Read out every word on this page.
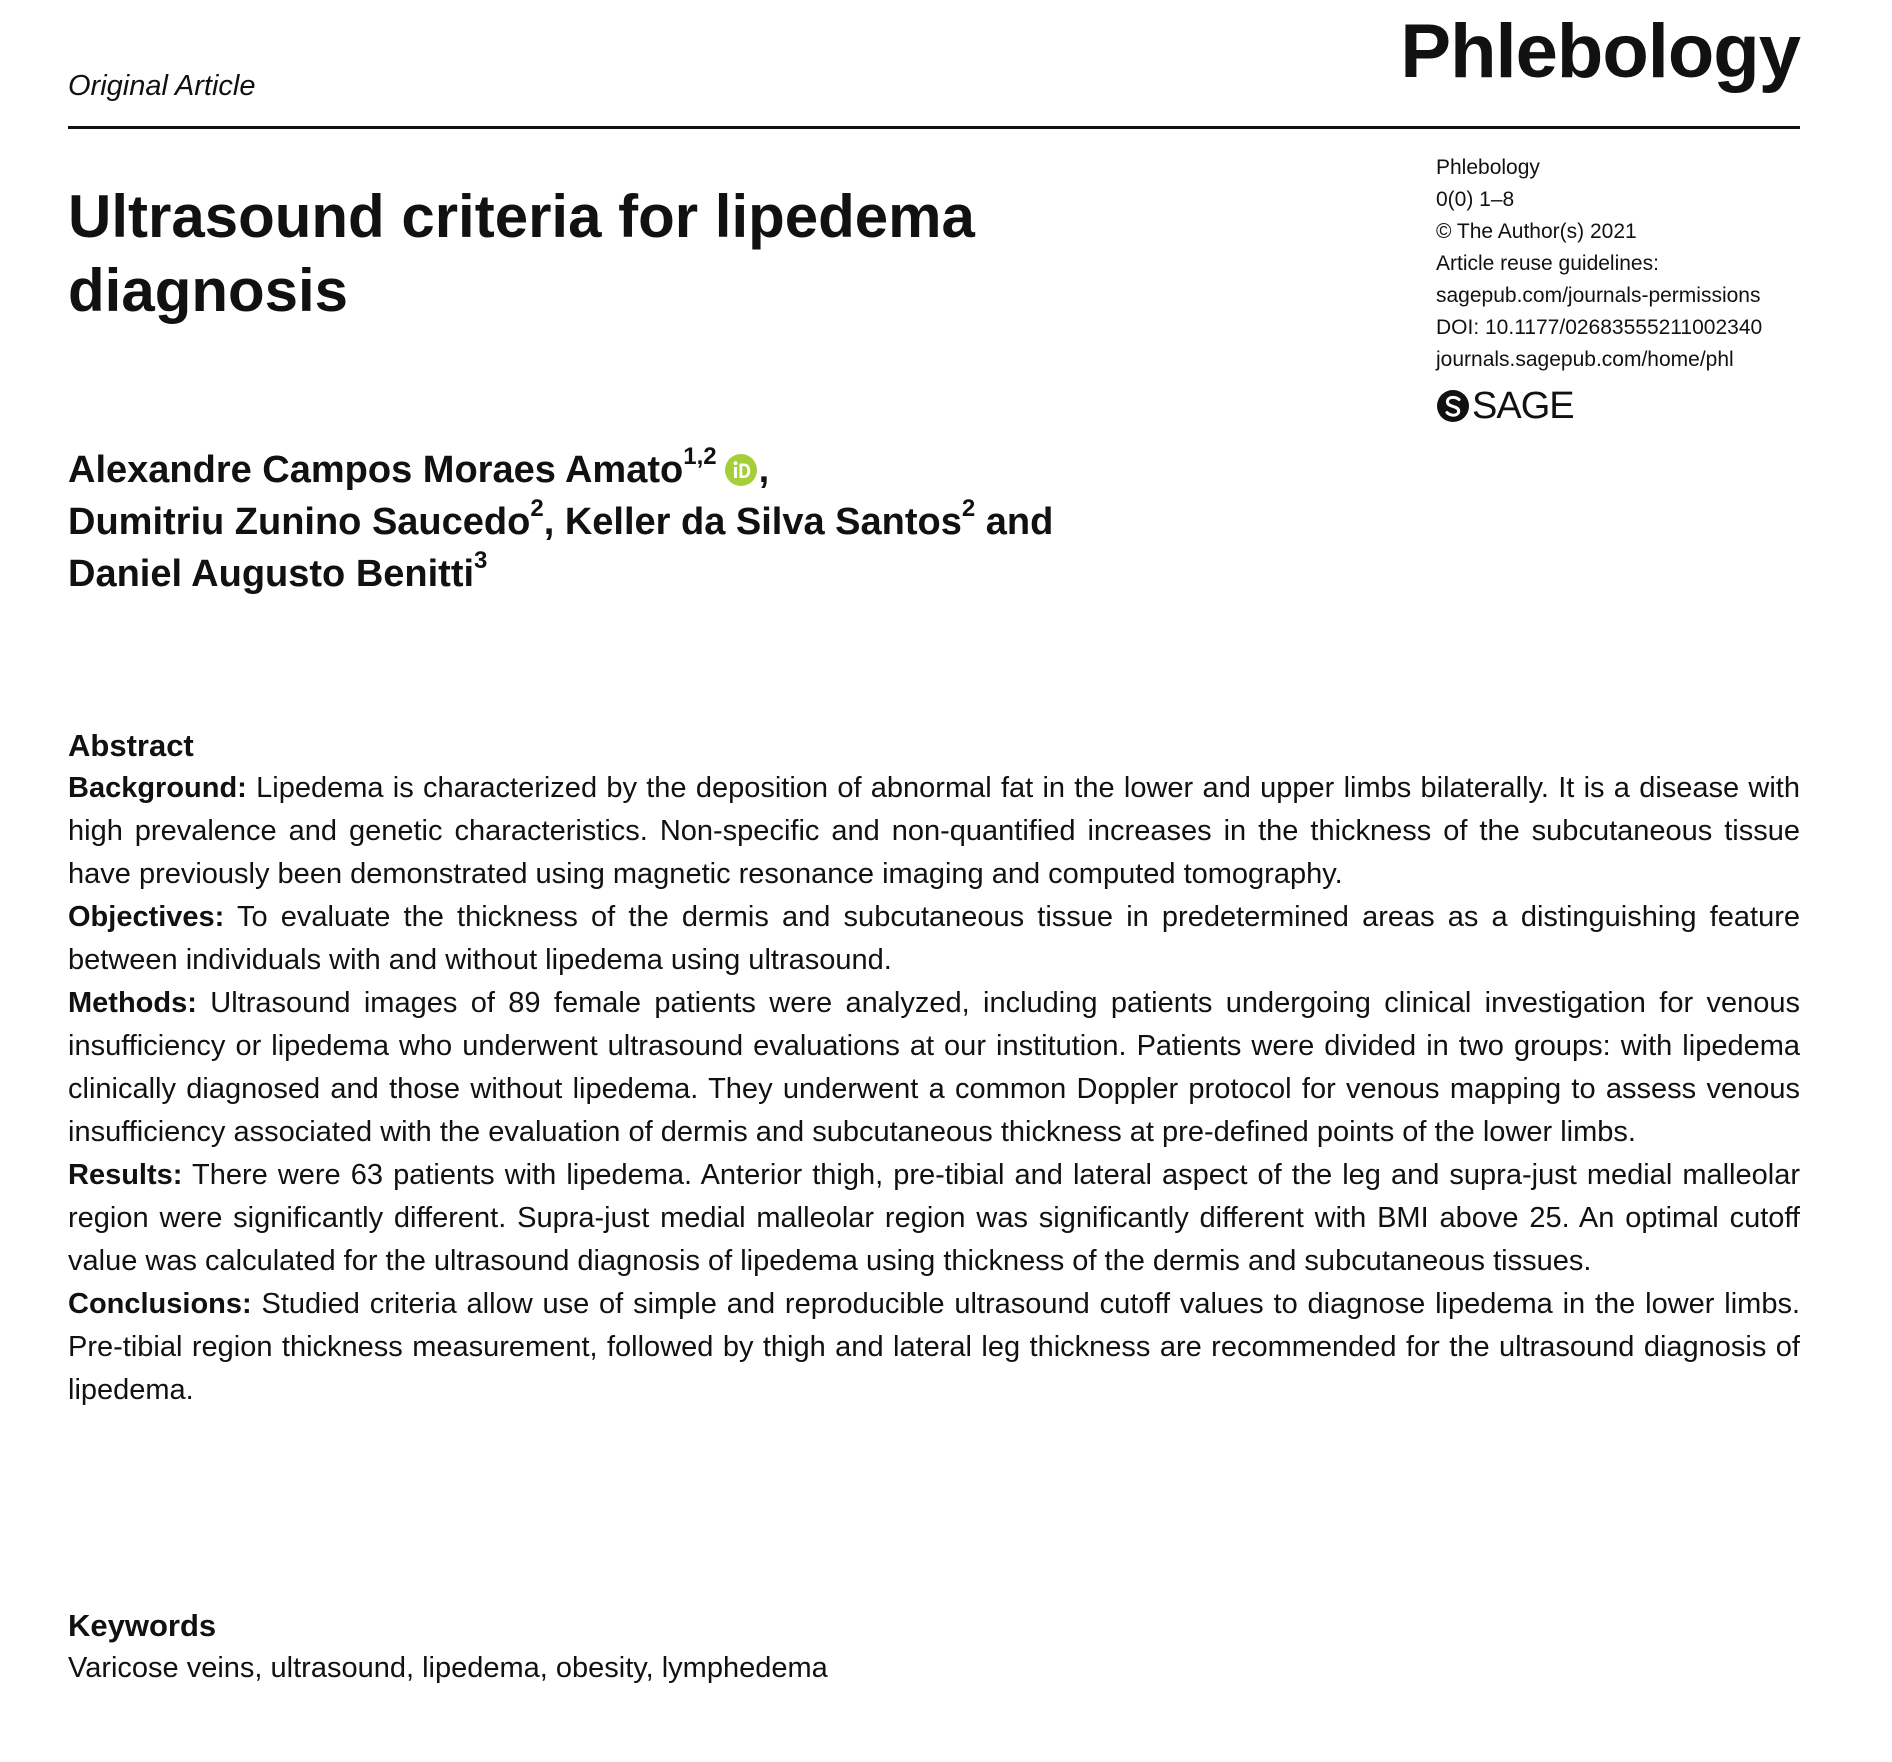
Original Article	Phlebology
Ultrasound criteria for lipedema diagnosis
Phlebology
0(0) 1–8
© The Author(s) 2021
Article reuse guidelines:
sagepub.com/journals-permissions
DOI: 10.1177/02683555211002340
journals.sagepub.com/home/phl
SAGE
Alexandre Campos Moraes Amato$^{1,2}$ ,
Dumitriu Zunino Saucedo$^2$, Keller da Silva Santos$^2$ and
Daniel Augusto Benitti$^3$
Abstract

Background: Lipedema is characterized by the deposition of abnormal fat in the lower and upper limbs bilaterally. It is a disease with high prevalence and genetic characteristics. Non-specific and non-quantified increases in the thickness of the subcutaneous tissue have previously been demonstrated using magnetic resonance imaging and computed tomography.

Objectives: To evaluate the thickness of the dermis and subcutaneous tissue in predetermined areas as a distinguishing feature between individuals with and without lipedema using ultrasound.

Methods: Ultrasound images of 89 female patients were analyzed, including patients undergoing clinical investigation for venous insufficiency or lipedema who underwent ultrasound evaluations at our institution. Patients were divided in two groups: with lipedema clinically diagnosed and those without lipedema. They underwent a common Doppler protocol for venous mapping to assess venous insufficiency associated with the evaluation of dermis and subcutaneous thickness at pre-defined points of the lower limbs.

Results: There were 63 patients with lipedema. Anterior thigh, pre-tibial and lateral aspect of the leg and supra-just medial malleolar region were significantly different. Supra-just medial malleolar region was significantly different with BMI above 25. An optimal cutoff value was calculated for the ultrasound diagnosis of lipedema using thickness of the dermis and subcutaneous tissues.

Conclusions: Studied criteria allow use of simple and reproducible ultrasound cutoff values to diagnose lipedema in the lower limbs. Pre-tibial region thickness measurement, followed by thigh and lateral leg thickness are recommended for the ultrasound diagnosis of lipedema.

Keywords
Varicose veins, ultrasound, lipedema, obesity, lymphedema
